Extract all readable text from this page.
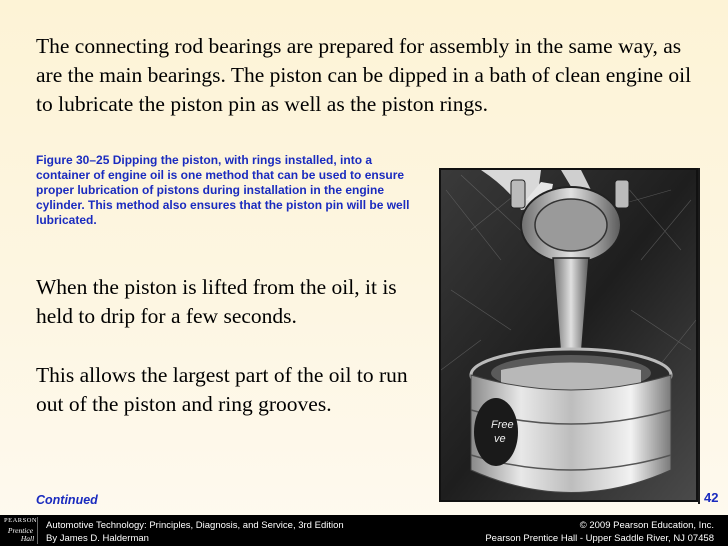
The connecting rod bearings are prepared for assembly in the same way, as are the main bearings. The piston can be dipped in a bath of clean engine oil to lubricate the piston pin as well as the piston rings.

Figure 30–25 Dipping the piston, with rings installed, into a container of engine oil is one method that can be used to ensure proper lubrication of pistons during installation in the engine cylinder. This method also ensures that the piston pin will be well lubricated.

When the piston is lifted from the oil, it is held to drip for a few seconds.

This allows the largest part of the oil to run out of the piston and ring grooves.

Free
ve
Continued	42
PEARSON
Prentice
Hall
Automotive Technology: Principles, Diagnosis, and Service, 3rd Edition
By James D. Halderman
© 2009 Pearson Education, Inc.
Pearson Prentice Hall - Upper Saddle River, NJ 07458
